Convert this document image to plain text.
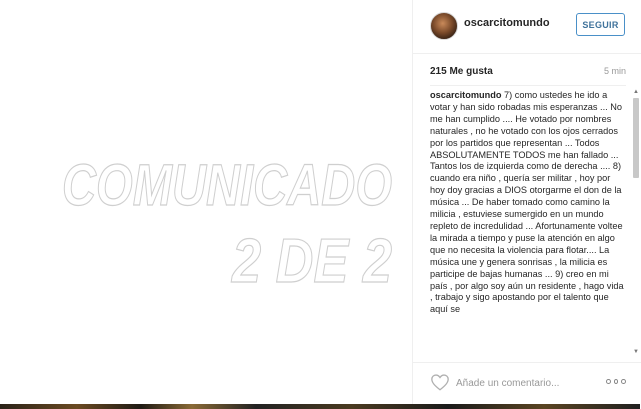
COMUNICADO
2 DE 2
oscarcitomundo	SEGUIR
215 Me gusta	5 min

oscarcitomundo 7) como ustedes he ido a votar y han sido robadas mis esperanzas ... No me han cumplido .... He votado por nombres naturales , no he votado con los ojos cerrados por los partidos que representan ... Todos ABSOLUTAMENTE TODOS me han fallado ... Tantos los de izquierda como de derecha .... 8) cuando era niño , quería ser militar , hoy por hoy doy gracias a DIOS otorgarme el don de la música ... De haber tomado como camino la milicia , estuviese sumergido en un mundo repleto de incredulidad ... Afortunamente voltee la mirada a tiempo y puse la atención en algo que no necesita la violencia para flotar.... La música une y genera sonrisas , la milicia es participe de bajas humanas ... 9) creo en mi país , por algo soy aún un residente , hago vida , trabajo y sigo apostando por el talento que aquí se

▲
▼
Añade un comentario...
